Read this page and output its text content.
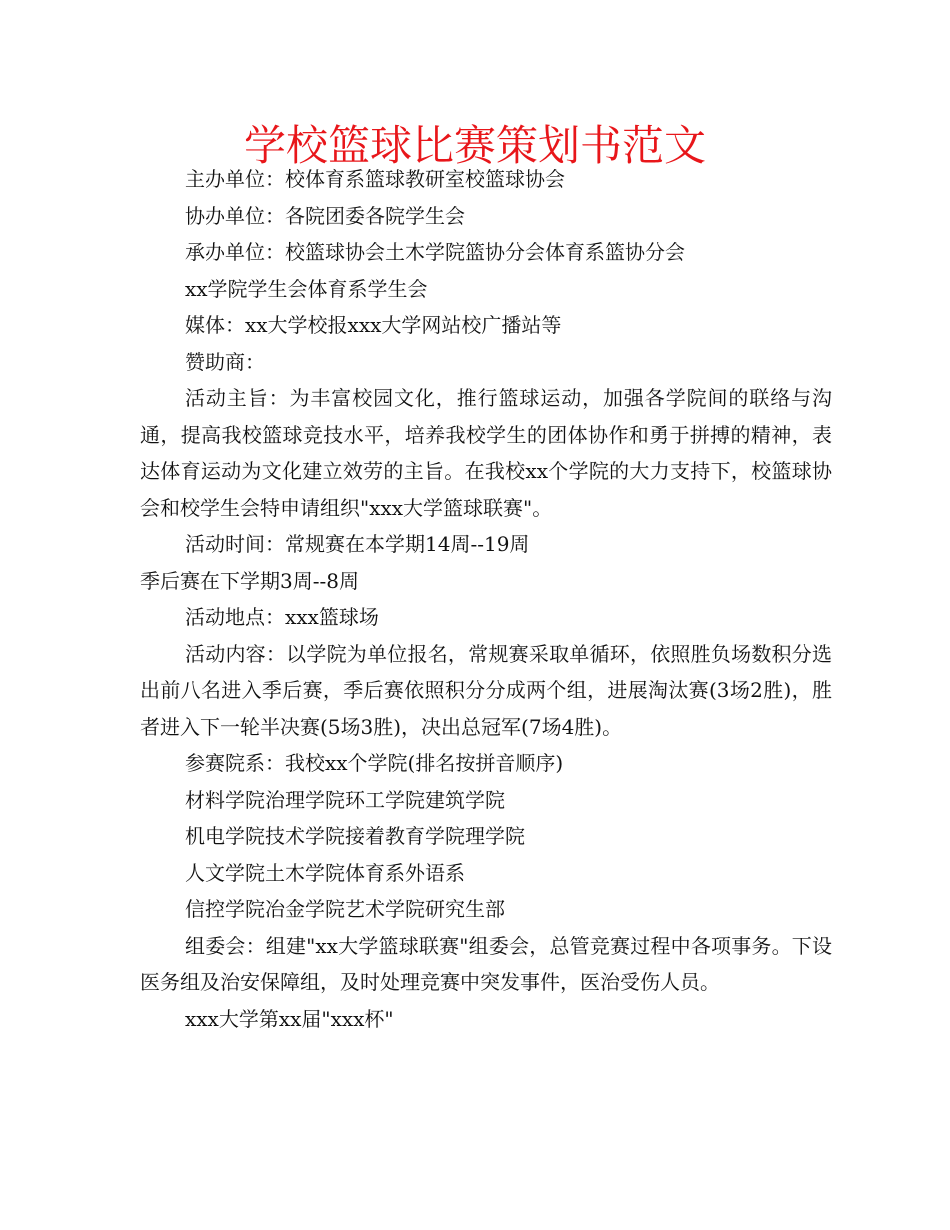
学校篮球比赛策划书范文

主办单位：校体育系篮球教研室校篮球协会

协办单位：各院团委各院学生会

承办单位：校篮球协会土木学院篮协分会体育系篮协分会

xx学院学生会体育系学生会

媒体：xx大学校报xxx大学网站校广播站等

赞助商：

活动主旨：为丰富校园文化，推行篮球运动，加强各学院间的联络与沟通，提高我校篮球竞技水平，培养我校学生的团体协作和勇于拼搏的精神，表达体育运动为文化建立效劳的主旨。在我校xx个学院的大力支持下，校篮球协会和校学生会特申请组织"xxx大学篮球联赛"。

活动时间：常规赛在本学期14周--19周

季后赛在下学期3周--8周

活动地点：xxx篮球场

活动内容：以学院为单位报名，常规赛采取单循环，依照胜负场数积分选出前八名进入季后赛，季后赛依照积分分成两个组，进展淘汰赛(3场2胜)，胜者进入下一轮半决赛(5场3胜)，决出总冠军(7场4胜)。

参赛院系：我校xx个学院(排名按拼音顺序)

材料学院治理学院环工学院建筑学院

机电学院技术学院接着教育学院理学院

人文学院土木学院体育系外语系

信控学院冶金学院艺术学院研究生部

组委会：组建"xx大学篮球联赛"组委会，总管竞赛过程中各项事务。下设医务组及治安保障组，及时处理竞赛中突发事件，医治受伤人员。

xxx大学第xx届"xxx杯"
